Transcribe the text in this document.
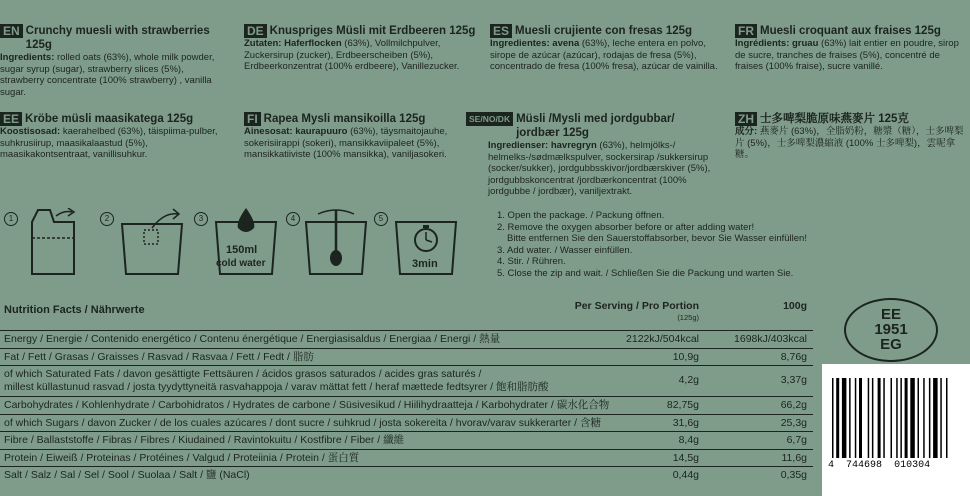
EN Crunchy muesli with strawberries 125g
Ingredients: rolled oats (63%), whole milk powder, sugar syrup (sugar), strawberry slices (5%), strawberry concentrate (100% strawberry) , vanilla sugar.
DE Knuspriges Müsli mit Erdbeeren 125g
Zutaten: Haferflocken (63%), Vollmilchpulver, Zuckersirup (zucker), Erdbeerscheiben (5%), Erdbeerkonzentrat (100% erdbeere), Vanillezucker.
ES Muesli crujiente con fresas 125g
Ingredientes: avena (63%), leche entera en polvo, sirope de azúcar (azúcar), rodajas de fresa (5%), concentrado de fresa (100% fresa), azúcar de vainilla.
FR Muesli croquant aux fraises 125g
Ingrédients: gruau (63%) lait entier en poudre, sirop de sucre, tranches de fraises (5%), concentré de fraises (100% fraise), sucre vanillé.
EE Kröbe müsli maasikatega 125g
Koostisosad: kaerahelbed (63%), täispiima-pulber, suhkrusiirup, maasikalaastud (5%), maasikakontsentraat, vanillisuhkur.
FI Rapea Mysli mansikoilla 125g
Ainesosat: kaurapuuro (63%), täysmaitojauhe, sokerisiirappi (sokeri), mansikkaviipaleet (5%), mansikkatiiviste (100% mansikka), vaniljasokeri.
SE/NO/DK Müsli /Mysli med jordgubbar/ jordbær 125g
Ingredienser: havregryn (63%), helmjölks-/ helmelks-/sødmælkspulver, sockersirap /sukkersirup (socker/sukker), jordgubbsskivor/jordbærskiver (5%), jordgubbskoncentrat /jordbærkoncentrat (100% jordgubbe / jordbær), vaniljextrakt.
ZH 士多啤梨脆原味燕麥片 125克
成分: 燕麥片 (63%)，全脂奶粉，糖漿（糖），士多啤梨片 (5%)，士多啤梨濃縮液 (100% 士多啤梨)，雲呢拿糖。
1	2	3
150ml
cold water
4	5
3min
1. Open the package. / Packung öffnen.
2. Remove the oxygen absorber before or after adding water!
Bitte entfernen Sie den Sauerstoffabsorber, bevor Sie Wasser einfüllen!
3. Add water. / Wasser einfüllen.
4. Stir. / Rühren.
5. Close the zip and wait. / Schließen Sie die Packung und warten Sie.
Nutrition Facts / Nährwerte	Per Serving / Pro Portion
(125g)
100g
Energy / Energie / Contenido energético / Contenu énergétique / Energiasisaldus / Energiaa / Energi / 熱量	2122kJ/504kcal	1698kJ/403kcal
Fat / Fett / Grasas / Graisses / Rasvad / Rasvaa / Fett / Fedt / 脂肪	10,9g	8,76g
of which Saturated Fats / davon gesättigte Fettsäuren / ácidos grasos saturados / acides gras saturés /
millest küllastunud rasvad / josta tyydyttyneitä rasvahappoja / varav mättat fett / heraf mættede fedtsyrer / 飽和脂肪酸
4,2g	3,37g
Carbohydrates / Kohlenhydrate / Carbohidratos / Hydrates de carbone / Süsivesikud / Hiilihydraatteja / Karbohydrater / 碳水化合物	82,75g	66,2g
of which Sugars / davon Zucker / de los cuales azúcares / dont sucre / suhkrud / josta sokereita / hvorav/varav sukkerarter / 含糖	31,6g	25,3g
Fibre / Ballaststoffe / Fibras / Fibres / Kiudained / Ravintokuitu / Kostfibre / Fiber / 纖維	8,4g	6,7g
Protein / Eiweiß / Proteinas / Protéines / Valgud / Proteiinia / Protein / 蛋白質	14,5g	11,6g
Salt / Salz / Sal / Sel / Sool / Suolaa / Salt / 鹽 (NaCl)	0,44g	0,35g
EE
1951
EG
4 744698 010304
